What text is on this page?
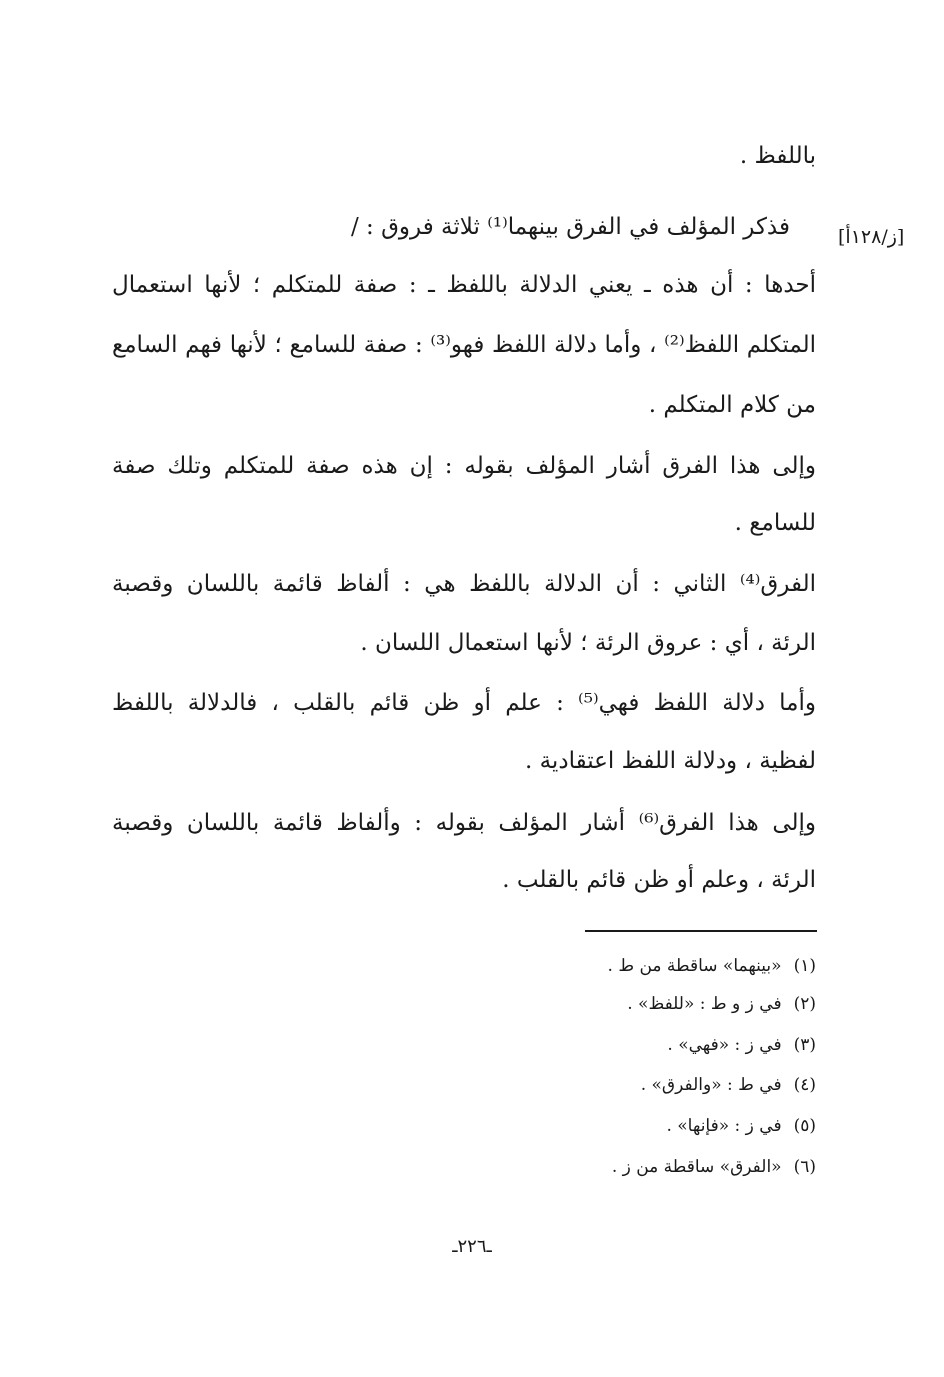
[ز/١٢٨أ]
باللفظ .
فذكر المؤلف في الفرق بينهما⁽¹⁾ ثلاثة فروق : /
أحدها : أن هذه ـ يعني الدلالة باللفظ ـ : صفة للمتكلم ؛ لأنها استعمال
المتكلم اللفظ⁽²⁾ ، وأما دلالة اللفظ فهو⁽³⁾ : صفة للسامع ؛ لأنها فهم السامع
من كلام المتكلم .
وإلى هذا الفرق أشار المؤلف بقوله : إن هذه صفة للمتكلم وتلك صفة
للسامع .
الفرق⁽⁴⁾ الثاني : أن الدلالة باللفظ هي : ألفاظ قائمة باللسان وقصبة
الرئة ، أي : عروق الرئة ؛ لأنها استعمال اللسان .
وأما دلالة اللفظ فهي⁽⁵⁾ : علم أو ظن قائم بالقلب ، فالدلالة باللفظ
لفظية ، ودلالة اللفظ اعتقادية .
وإلى هذا الفرق⁽⁶⁾ أشار المؤلف بقوله : وألفاظ قائمة باللسان وقصبة
الرئة ، وعلم أو ظن قائم بالقلب .
(١)«بينهما» ساقطة من ط .
(٢)في ز و ط : «للفظ» .
(٣)في ز : «فهي» .
(٤)في ط : «والفرق» .
(٥)في ز : «فإنها» .
(٦)«الفرق» ساقطة من ز .
ـ٢٢٦ـ
